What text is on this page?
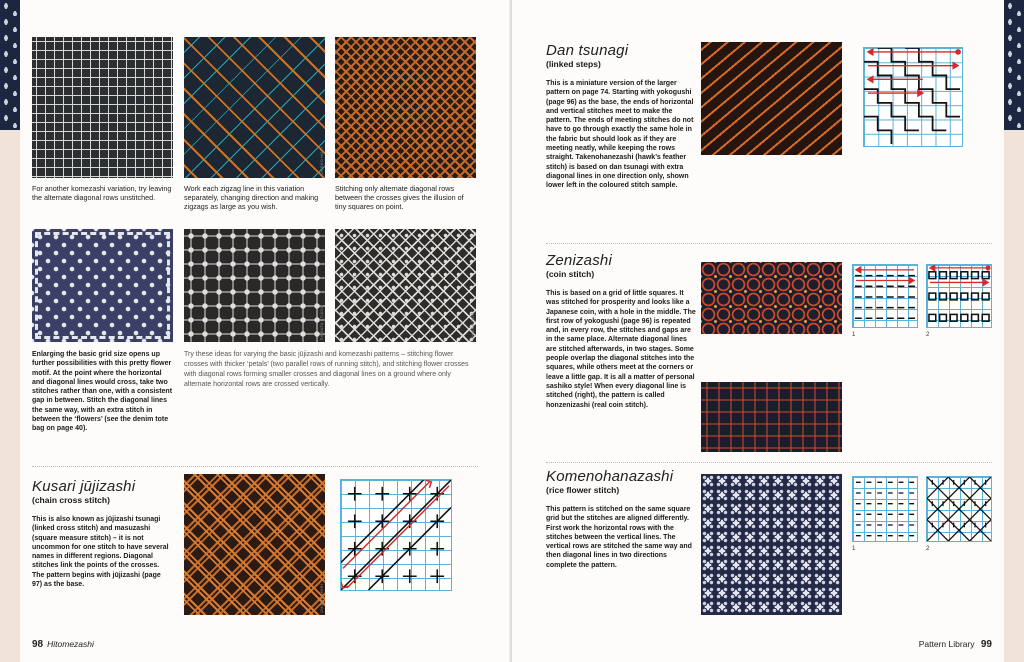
CHIEKO HORI
For another komezashi variation, try leaving the alternate diagonal rows unstitched.
Work each zigzag line in this variation separately, changing direction and making zigzags as large as you wish.
Stitching only alternate diagonal rows between the crosses gives the illusion of tiny squares on point.
SHIBATA STUDIO	CHIEKO HORI
Enlarging the basic grid size opens up further possibilities with this pretty flower motif. At the point where the horizontal and diagonal lines would cross, take two stitches rather than one, with a consistent gap in between. Stitch the diagonal lines the same way, with an extra stitch in between the ‘flowers’ (see the denim tote bag on page 40).
Try these ideas for varying the basic jūjizashi and komezashi patterns – stitching flower crosses with thicker ‘petals’ (two parallel rows of running stitch), and stitching flower crosses with diagonal rows forming smaller crosses and diagonal lines on a ground where only alternate horizontal rows are crossed vertically.
Kusari jūjizashi
(chain cross stitch)
This is also known as jūjizashi tsunagi (linked cross stitch) and masuzashi (square measure stitch) – it is not uncommon for one stitch to have several names in different regions. Diagonal stitches link the points of the crosses. The pattern begins with jūjizashi (page 97) as the base.	CHIEKO HORI
98 Hitomezashi
Dan tsunagi
(linked steps)
This is a miniature version of the larger pattern on page 74. Starting with yokogushi (page 96) as the base, the ends of horizontal and vertical stitches meet to make the pattern. The ends of meeting stitches do not have to go through exactly the same hole in the fabric but should look as if they are meeting neatly, while keeping the rows straight. Takenohanezashi (hawk’s feather stitch) is based on dan tsunagi with extra diagonal lines in one direction only, shown lower left in the coloured stitch sample.
Zenizashi
(coin stitch)
This is based on a grid of little squares. It was stitched for prosperity and looks like a Japanese coin, with a hole in the middle. The first row of yokogushi (page 96) is repeated and, in every row, the stitches and gaps are in the same place. Alternate diagonal lines are stitched afterwards, in two stages. Some people overlap the diagonal stitches into the squares, while others meet at the corners or leave a little gap. It is all a matter of personal sashiko style! When every diagonal line is stitched (right), the pattern is called honzenizashi (real coin stitch).
1	2
Komenohanazashi
(rice flower stitch)
This pattern is stitched on the same square grid but the stitches are aligned differently. First work the horizontal rows with the stitches between the vertical lines. The vertical rows are stitched the same way and then diagonal lines in two directions complete the pattern.
1	2
Pattern Library 99
